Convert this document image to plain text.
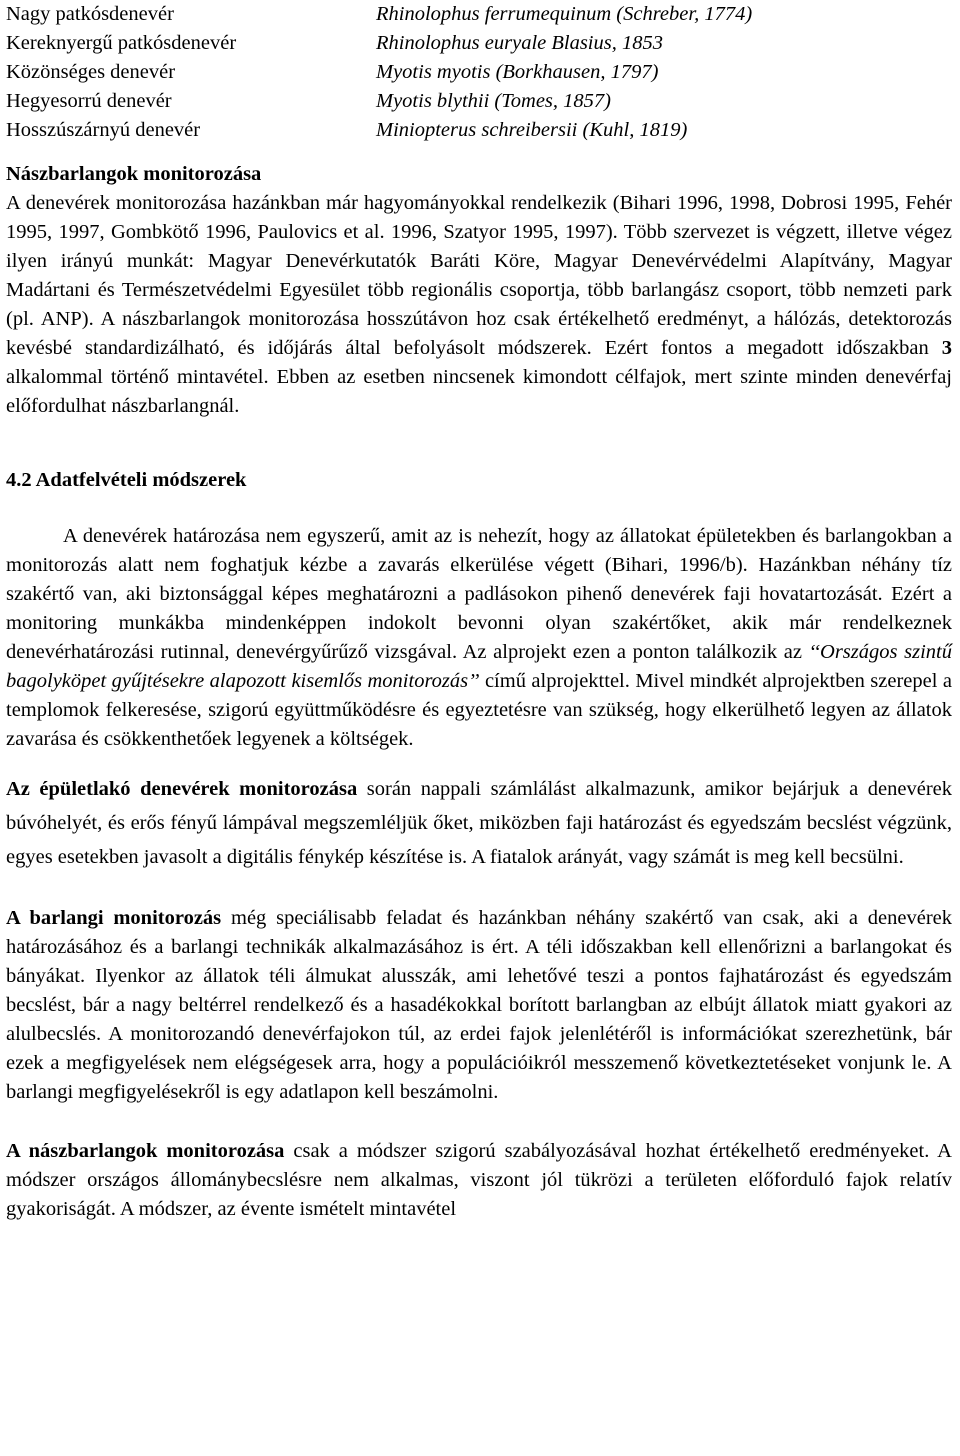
Nagy patkósdenevér	Rhinolophus ferrumequinum (Schreber, 1774)
Kereknyergű patkósdenevér	Rhinolophus euryale Blasius, 1853
Közönséges denevér	Myotis myotis (Borkhausen, 1797)
Hegyesorrú denevér	Myotis blythii (Tomes, 1857)
Hosszúszárnyú denevér	Miniopterus schreibersii (Kuhl, 1819)
Nászbarlangok monitorozása

A denevérek monitorozása hazánkban már hagyományokkal rendelkezik (Bihari 1996, 1998, Dobrosi 1995, Fehér 1995, 1997, Gombkötő 1996, Paulovics et al. 1996, Szatyor 1995, 1997). Több szervezet is végzett, illetve végez ilyen irányú munkát: Magyar Denevérkutatók Baráti Köre, Magyar Denevérvédelmi Alapítvány, Magyar Madártani és Természetvédelmi Egyesület több regionális csoportja, több barlangász csoport, több nemzeti park (pl. ANP). A nászbarlangok monitorozása hosszútávon hoz csak értékelhető eredményt, a hálózás, detektorozás kevésbé standardizálható, és időjárás által befolyásolt módszerek. Ezért fontos a megadott időszakban 3 alkalommal történő mintavétel. Ebben az esetben nincsenek kimondott célfajok, mert szinte minden denevérfaj előfordulhat nászbarlangnál.

4.2 Adatfelvételi módszerek

A denevérek határozása nem egyszerű, amit az is nehezít, hogy az állatokat épületekben és barlangokban a monitorozás alatt nem foghatjuk kézbe a zavarás elkerülése végett (Bihari, 1996/b). Hazánkban néhány tíz szakértő van, aki biztonsággal képes meghatározni a padlásokon pihenő denevérek faji hovatartozását. Ezért a monitoring munkákba mindenképpen indokolt bevonni olyan szakértőket, akik már rendelkeznek denevérhatározási rutinnal, denevérgyűrűző vizsgával. Az alprojekt ezen a ponton találkozik az ‘‘Országos szintű bagolyköpet gyűjtésekre alapozott kisemlős monitorozás’’ című alprojekttel. Mivel mindkét alprojektben szerepel a templomok felkeresése, szigorú együttműködésre és egyeztetésre van szükség, hogy elkerülhető legyen az állatok zavarása és csökkenthetőek legyenek a költségek.

Az épületlakó denevérek monitorozása során nappali számlálást alkalmazunk, amikor bejárjuk a denevérek búvóhelyét, és erős fényű lámpával megszemléljük őket, miközben faji határozást és egyedszám becslést végzünk, egyes esetekben javasolt a digitális fénykép készítése is. A fiatalok arányát, vagy számát is meg kell becsülni.

A barlangi monitorozás még speciálisabb feladat és hazánkban néhány szakértő van csak, aki a denevérek határozásához és a barlangi technikák alkalmazásához is ért. A téli időszakban kell ellenőrizni a barlangokat és bányákat. Ilyenkor az állatok téli álmukat alusszák, ami lehetővé teszi a pontos fajhatározást és egyedszám becslést, bár a nagy beltérrel rendelkező és a hasadékokkal borított barlangban az elbújt állatok miatt gyakori az alulbecslés. A monitorozandó denevérfajokon túl, az erdei fajok jelenlétéről is információkat szerezhetünk, bár ezek a megfigyelések nem elégségesek arra, hogy a populációikról messzemenő következtetéseket vonjunk le. A barlangi megfigyelésekről is egy adatlapon kell beszámolni.

A nászbarlangok monitorozása csak a módszer szigorú szabályozásával hozhat értékelhető eredményeket. A módszer országos állománybecslésre nem alkalmas, viszont jól tükrözi a területen előforduló fajok relatív gyakoriságát. A módszer, az évente ismételt mintavétel
